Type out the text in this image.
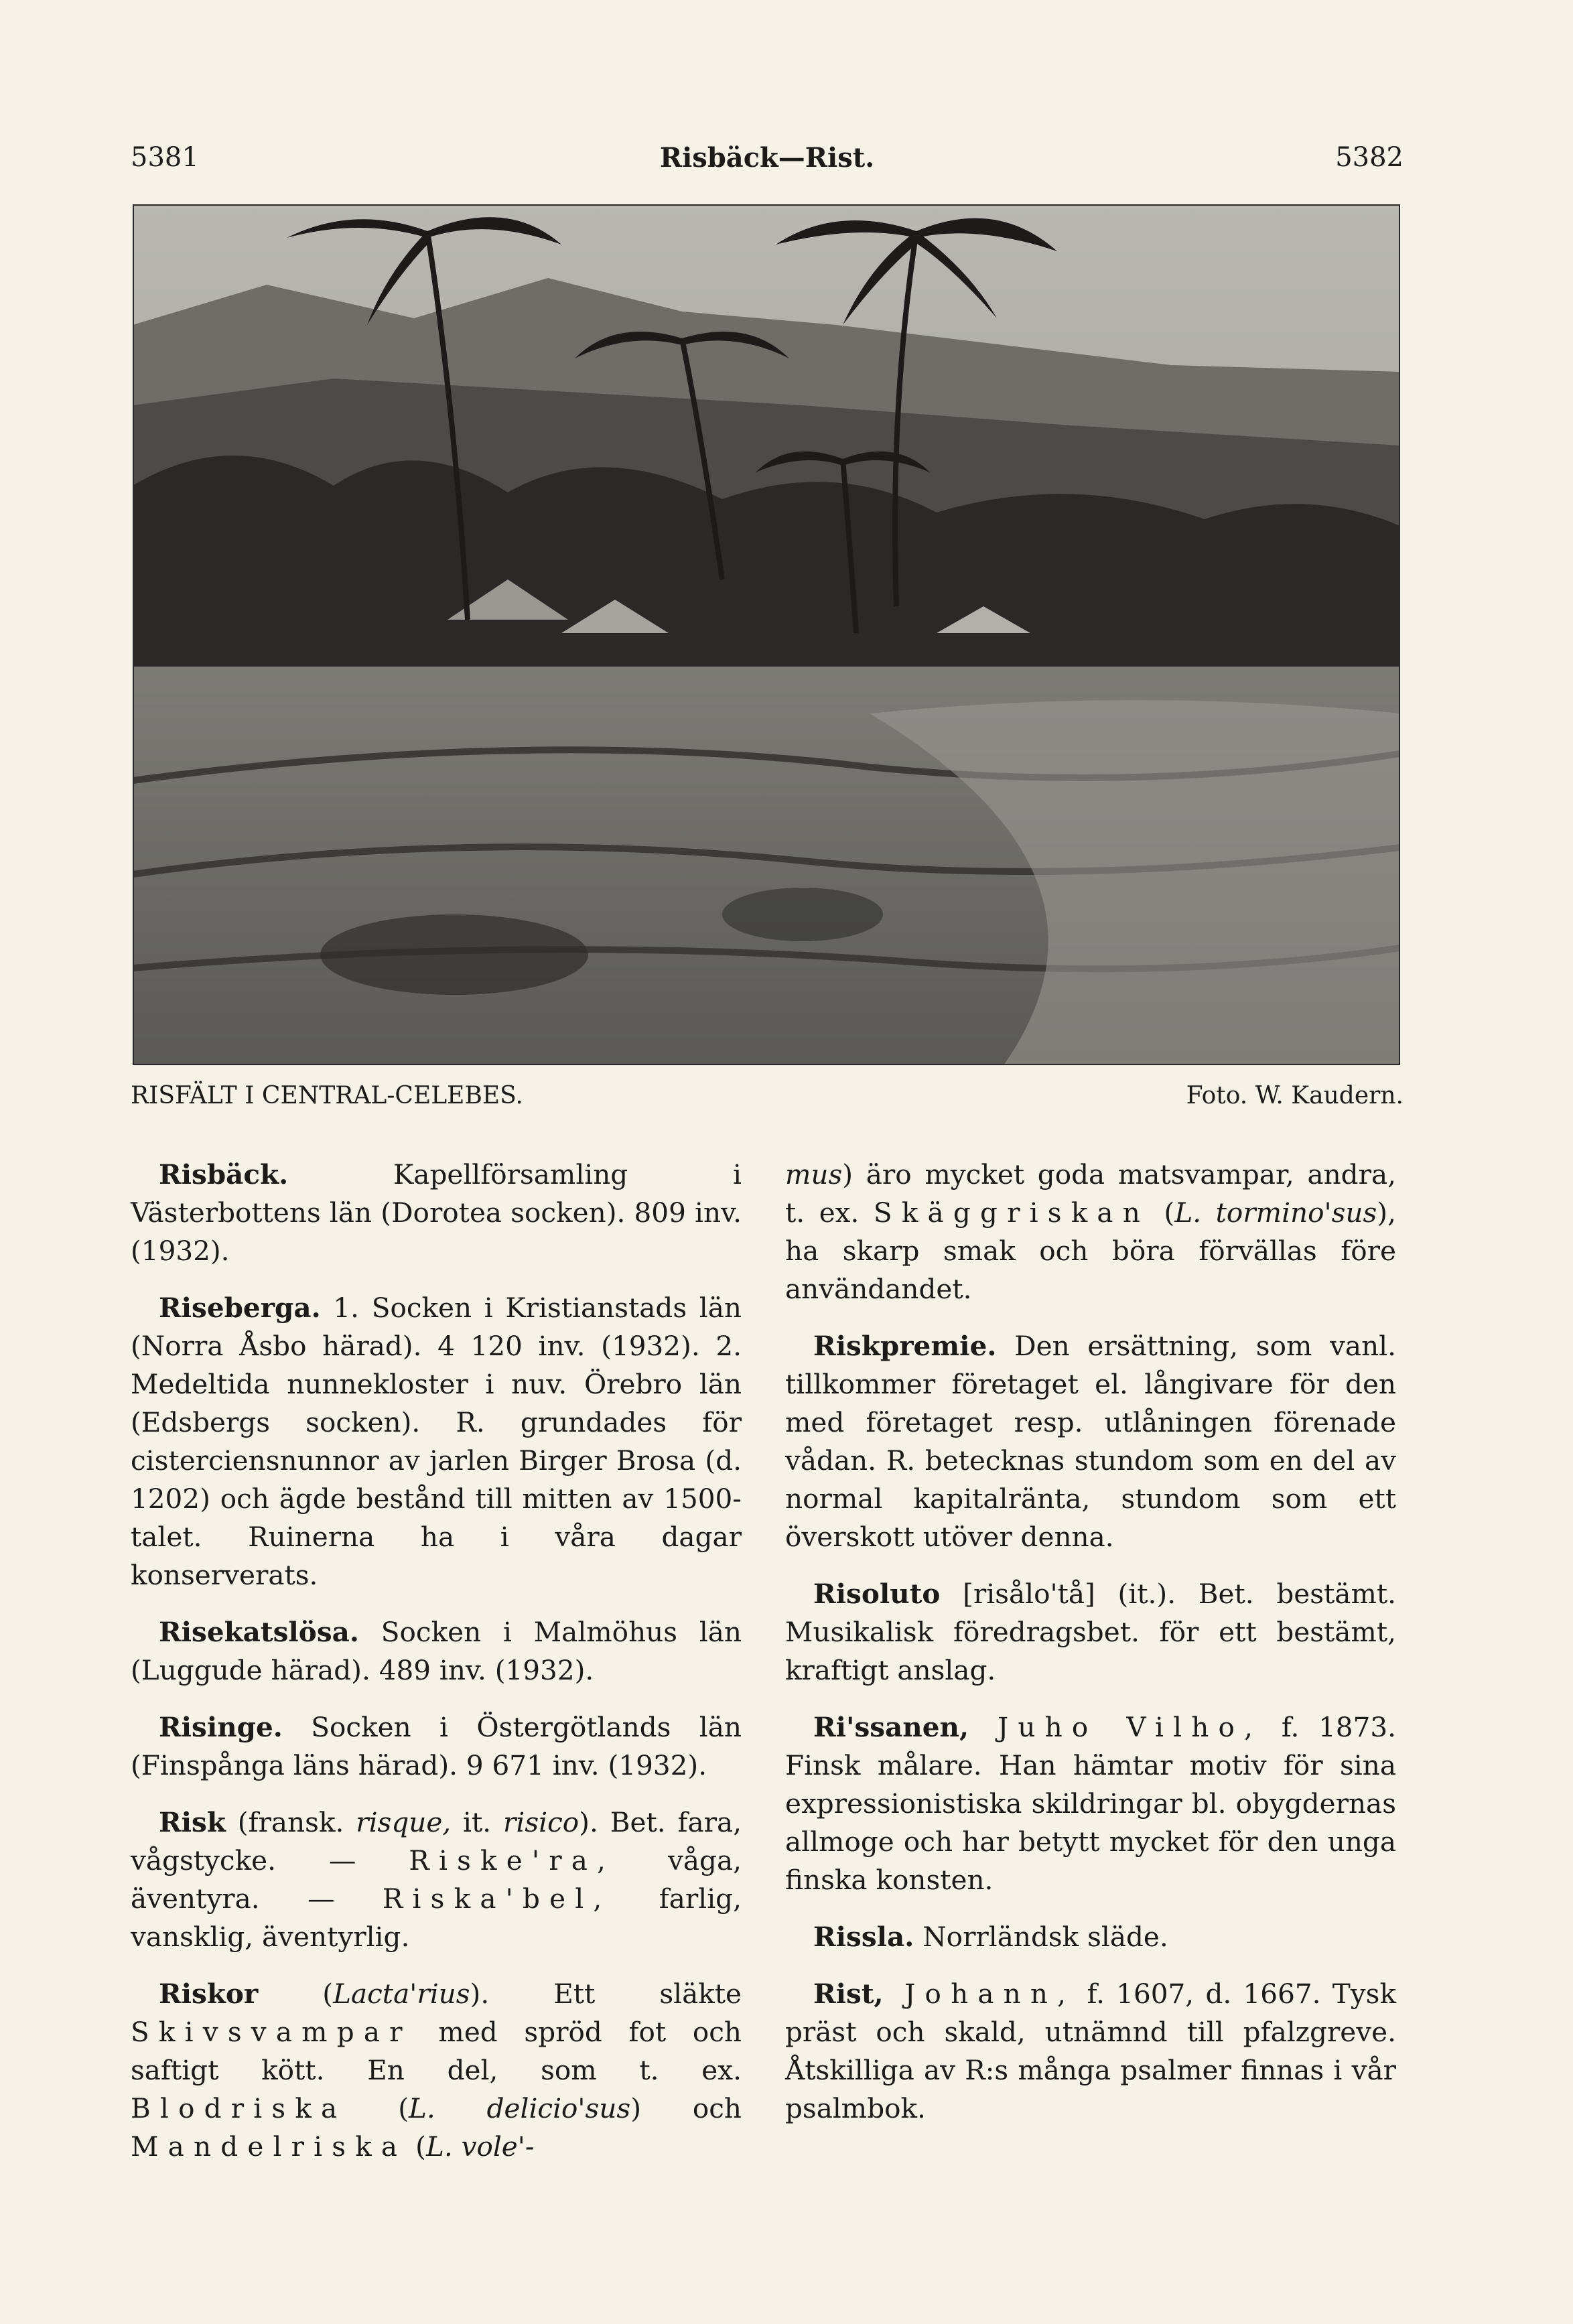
5381	Risbäck—Rist.	5382
RISFÄLT I CENTRAL-CELEBES.	Foto. W. Kaudern.

Risbäck. Kapellförsamling i Västerbottens län (Dorotea socken). 809 inv. (1932).

Riseberga. 1. Socken i Kristianstads län (Norra Åsbo härad). 4 120 inv. (1932). 2. Medeltida nunnekloster i nuv. Örebro län (Edsbergs socken). R. grundades för cisterciensnunnor av jarlen Birger Brosa (d. 1202) och ägde bestånd till mitten av 1500-talet. Ruinerna ha i våra dagar konserverats.

Risekatslösa. Socken i Malmöhus län (Luggude härad). 489 inv. (1932).

Risinge. Socken i Östergötlands län (Finspånga läns härad). 9 671 inv. (1932).

Risk (fransk. risque, it. risico). Bet. fara, vågstycke. — Riske'ra, våga, äventyra. — Riska'bel, farlig, vansklig, äventyrlig.

Riskor (Lacta'rius). Ett släkte Skivsvampar med spröd fot och saftigt kött. En del, som t. ex. Blodriska (L. delicio'sus) och Mandelriska (L. vole'-

mus) äro mycket goda matsvampar, andra, t. ex. Skäggriskan (L. tormino'sus), ha skarp smak och böra förvällas före användandet.

Riskpremie. Den ersättning, som vanl. tillkommer företaget el. långivare för den med företaget resp. utlåningen förenade vådan. R. betecknas stundom som en del av normal kapitalränta, stundom som ett överskott utöver denna.

Risoluto [risålo'tå] (it.). Bet. bestämt. Musikalisk föredragsbet. för ett bestämt, kraftigt anslag.

Ri'ssanen, Juho Vilho, f. 1873. Finsk målare. Han hämtar motiv för sina expressionistiska skildringar bl. obygdernas allmoge och har betytt mycket för den unga finska konsten.

Rissla. Norrländsk släde.

Rist, Johann, f. 1607, d. 1667. Tysk präst och skald, utnämnd till pfalzgreve. Åtskilliga av R:s många psalmer finnas i vår psalmbok.
